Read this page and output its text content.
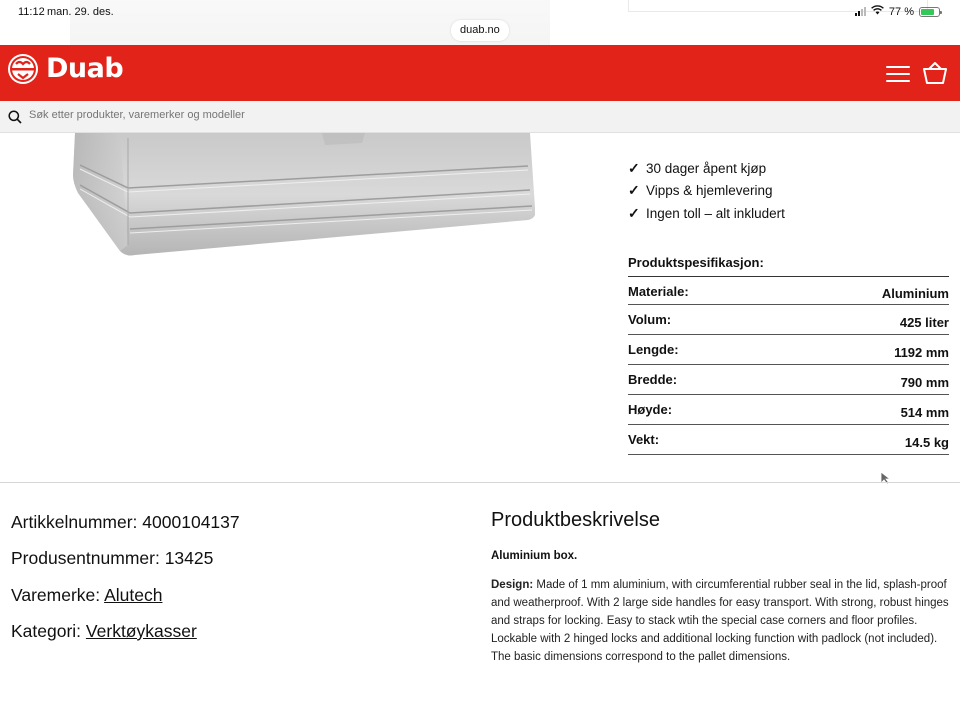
11:12 man. 29. des.	77 %
duab.no
Duab
Søk etter produkter, varemerker og modeller
✓ 30 dager åpent kjøp
✓ Vipps & hjemlevering
✓ Ingen toll – alt inkludert
Produktspesifikasjon:
Materiale:	Aluminium
Volum:	425 liter
Lengde:	1192 mm
Bredde:	790 mm
Høyde:	514 mm
Vekt:	14.5 kg
Artikkelnummer: 4000104137
Produsentnummer: 13425
Varemerke: Alutech
Kategori: Verktøykasser
Produktbeskrivelse
Aluminium box.
Design: Made of 1 mm aluminium, with circumferential rubber seal in the lid, splash-proof and weatherproof. With 2 large side handles for easy transport. With strong, robust hinges and straps for locking. Easy to stack wtih the special case corners and floor profiles. Lockable with 2 hinged locks and additional locking function with padlock (not included). The basic dimensions correspond to the pallet dimensions.
